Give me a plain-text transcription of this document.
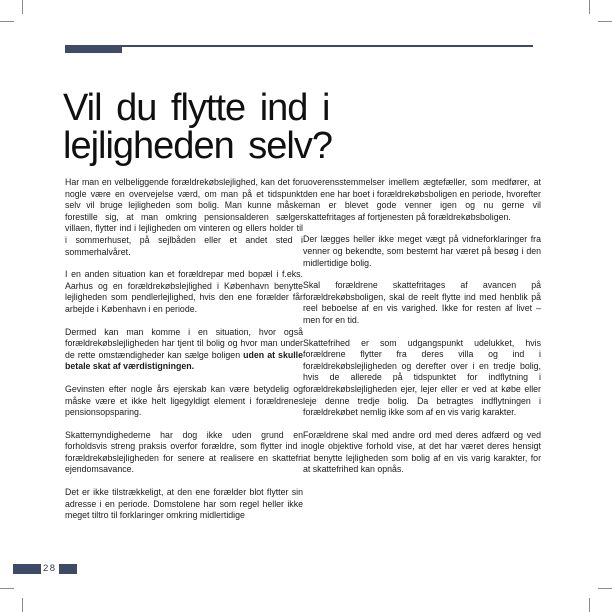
Vil du flytte ind i
lejligheden selv?

Har man en velbeliggende forældrekøbslejlighed, kan det for nogle være en overvejelse værd, om man på et tidspunkt selv vil bruge lejligheden som bolig. Man kunne måske forestille sig, at man omkring pensionsalderen sælger villaen, flytter ind i lejligheden om vinteren og ellers holder til i sommerhuset, på sejlbåden eller et andet sted i sommerhalvåret.

I en anden situation kan et forældrepar med bopæl i f.eks. Aarhus og en forældrekøbslejlighed i København benytte lejligheden som pendlerlejlighed, hvis den ene forælder får arbejde i København i en periode.

Dermed kan man komme i en situation, hvor også forældrekøbslejligheden har tjent til bolig og hvor man under de rette omstændigheder kan sælge boligen uden at skulle betale skat af værdistigningen.

Gevinsten efter nogle års ejerskab kan være betydelig og måske være et ikke helt ligegyldigt element i forældrenes pensionsopsparing.

Skattemyndighederne har dog ikke uden grund en forholdsvis streng praksis overfor forældre, som flytter ind i forældrekøbslejligheden for senere at realisere en skattefri ejendomsavance.

Det er ikke tilstrækkeligt, at den ene forælder blot flytter sin adresse i en periode. Domstolene har som regel heller ikke meget tiltro til forklaringer omkring midlertidige

uoverensstemmelser imellem ægtefæller, som medfører, at den ene har boet i forældrekøbsboligen en periode, hvorefter man er blevet gode venner igen og nu gerne vil skattefritages af fortjenesten på forældrekøbsboligen.

Der lægges heller ikke meget vægt på vidneforklaringer fra venner og bekendte, som bestemt har været på besøg i den midlertidige bolig.

Skal forældrene skattefritages af avancen på forældrekøbsboligen, skal de reelt flytte ind med henblik på reel beboelse af en vis varighed. Ikke for resten af livet – men for en tid.

Skattefrihed er som udgangspunkt udelukket, hvis forældrene flytter fra deres villa og ind i forældrekøbslejligheden og derefter over i en tredje bolig, hvis de allerede på tidspunktet for indflytning i forældrekøbslejligheden ejer, lejer eller er ved at købe eller leje denne tredje bolig. Da betragtes indflytningen i forældrekøbet nemlig ikke som af en vis varig karakter.

Forældrene skal med andre ord med deres adfærd og ved nogle objektive forhold vise, at det har været deres hensigt at benytte lejligheden som bolig af en vis varig karakter, for at skattefrihed kan opnås.

28
